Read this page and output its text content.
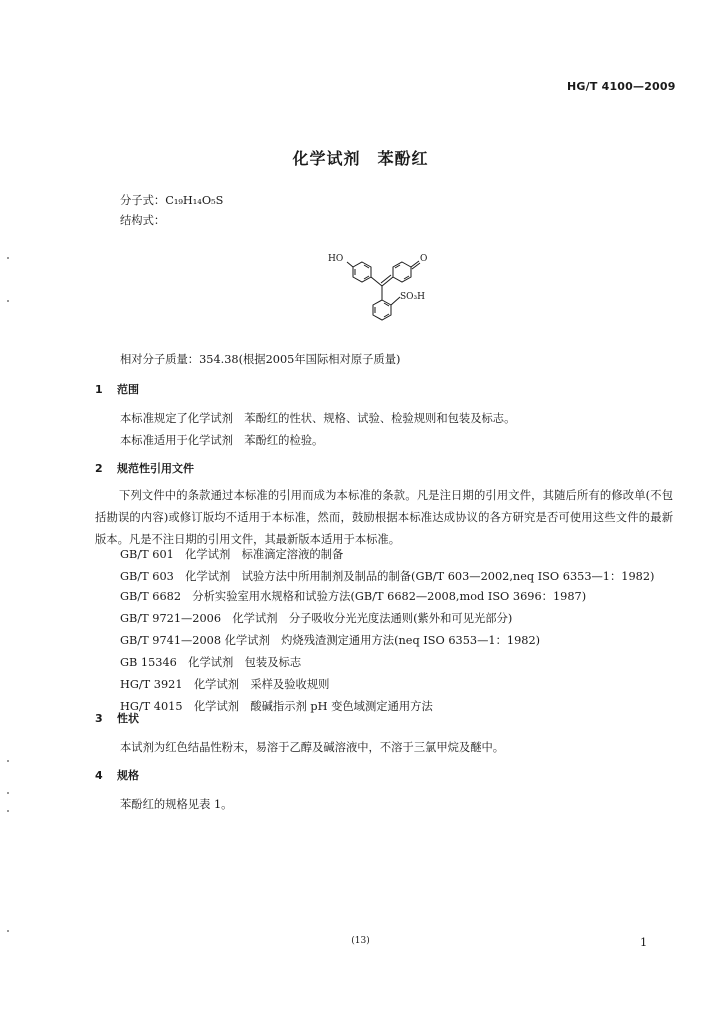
HG/T 4100—2009
化学试剂　苯酚红
分子式：C₁₉H₁₄O₅S
结构式：
HO	O
SO₃H
相对分子质量：354.38(根据2005年国际相对原子质量)
1 范围
本标准规定了化学试剂　苯酚红的性状、规格、试验、检验规则和包装及标志。
本标准适用于化学试剂　苯酚红的检验。
2 规范性引用文件
下列文件中的条款通过本标准的引用而成为本标准的条款。凡是注日期的引用文件，其随后所有的修改单(不包括勘误的内容)或修订版均不适用于本标准，然而，鼓励根据本标准达成协议的各方研究是否可使用这些文件的最新版本。凡是不注日期的引用文件，其最新版本适用于本标准。
GB/T 601　化学试剂　标准滴定溶液的制备
GB/T 603　化学试剂　试验方法中所用制剂及制品的制备(GB/T 603—2002,neq ISO 6353—1：1982)
GB/T 6682　分析实验室用水规格和试验方法(GB/T 6682—2008,mod ISO 3696：1987)
GB/T 9721—2006　化学试剂　分子吸收分光光度法通则(紫外和可见光部分)
GB/T 9741—2008 化学试剂　灼烧残渣测定通用方法(neq ISO 6353—1：1982)
GB 15346　化学试剂　包装及标志
HG/T 3921　化学试剂　采样及验收规则
HG/T 4015　化学试剂　酸碱指示剂 pH 变色域测定通用方法
3 性状
本试剂为红色结晶性粉末，易溶于乙醇及碱溶液中，不溶于三氯甲烷及醚中。
4 规格
苯酚红的规格见表 1。
(13)	1
